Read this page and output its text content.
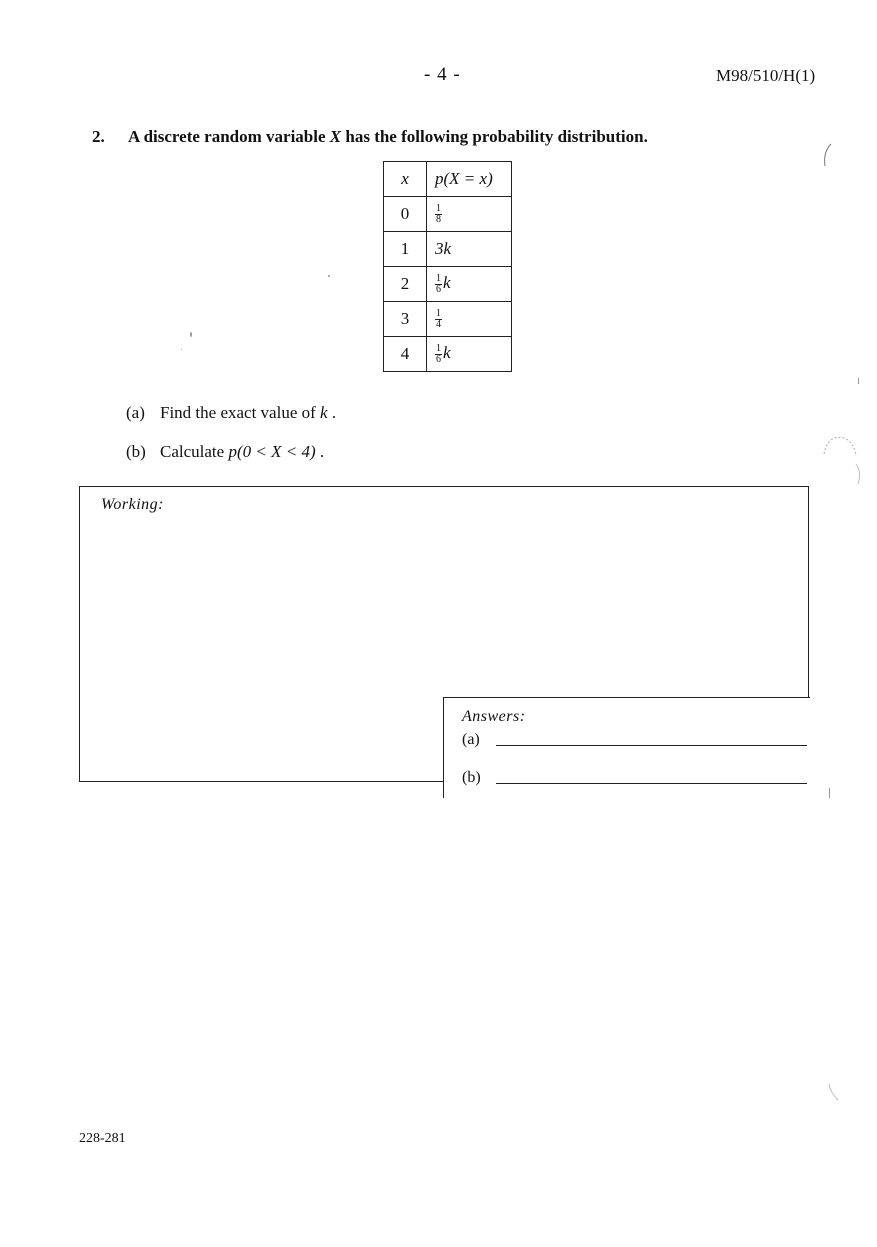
- 4 -	M98/510/H(1)
2. A discrete random variable X has the following probability distribution.
x	p(X = x)
0	$\frac{1}{8}$

1	3k
2	$\frac{1}{6}$ k
3	$\frac{1}{4}$

4	$\frac{1}{6}$ k
(a) Find the exact value of k .
(b) Calculate p(0 < X < 4) .
Working:
Answers:
(a)
(b)
228-281
